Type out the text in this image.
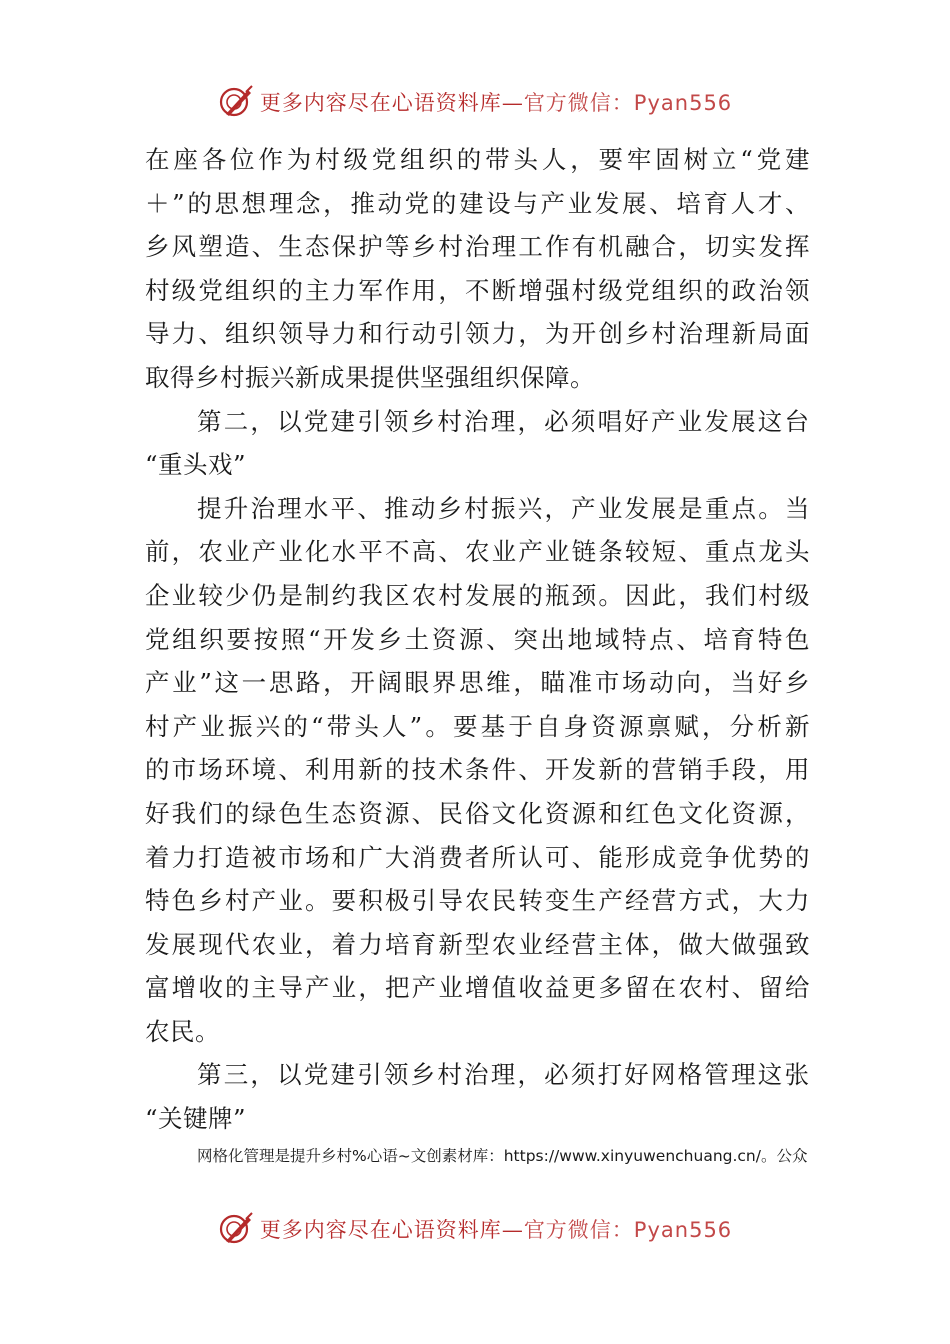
更多内容尽在心语资料库—官方微信：Pyan556
在座各位作为村级党组织的带头人，要牢固树立“党建
＋”的思想理念，推动党的建设与产业发展、培育人才、
乡风塑造、生态保护等乡村治理工作有机融合，切实发挥
村级党组织的主力军作用，不断增强村级党组织的政治领
导力、组织领导力和行动引领力，为开创乡村治理新局面
取得乡村振兴新成果提供坚强组织保障。
第二，以党建引领乡村治理，必须唱好产业发展这台
“重头戏”
提升治理水平、推动乡村振兴，产业发展是重点。当
前，农业产业化水平不高、农业产业链条较短、重点龙头
企业较少仍是制约我区农村发展的瓶颈。因此，我们村级
党组织要按照“开发乡土资源、突出地域特点、培育特色
产业”这一思路，开阔眼界思维，瞄准市场动向，当好乡
村产业振兴的“带头人”。要基于自身资源禀赋，分析新
的市场环境、利用新的技术条件、开发新的营销手段，用
好我们的绿色生态资源、民俗文化资源和红色文化资源，
着力打造被市场和广大消费者所认可、能形成竞争优势的
特色乡村产业。要积极引导农民转变生产经营方式，大力
发展现代农业，着力培育新型农业经营主体，做大做强致
富增收的主导产业，把产业增值收益更多留在农村、留给
农民。
第三，以党建引领乡村治理，必须打好网格管理这张
“关键牌”
网格化管理是提升乡村%心语~文创素材库：https://www.xinyuwenchuang.cn/。公众
更多内容尽在心语资料库—官方微信：Pyan556
